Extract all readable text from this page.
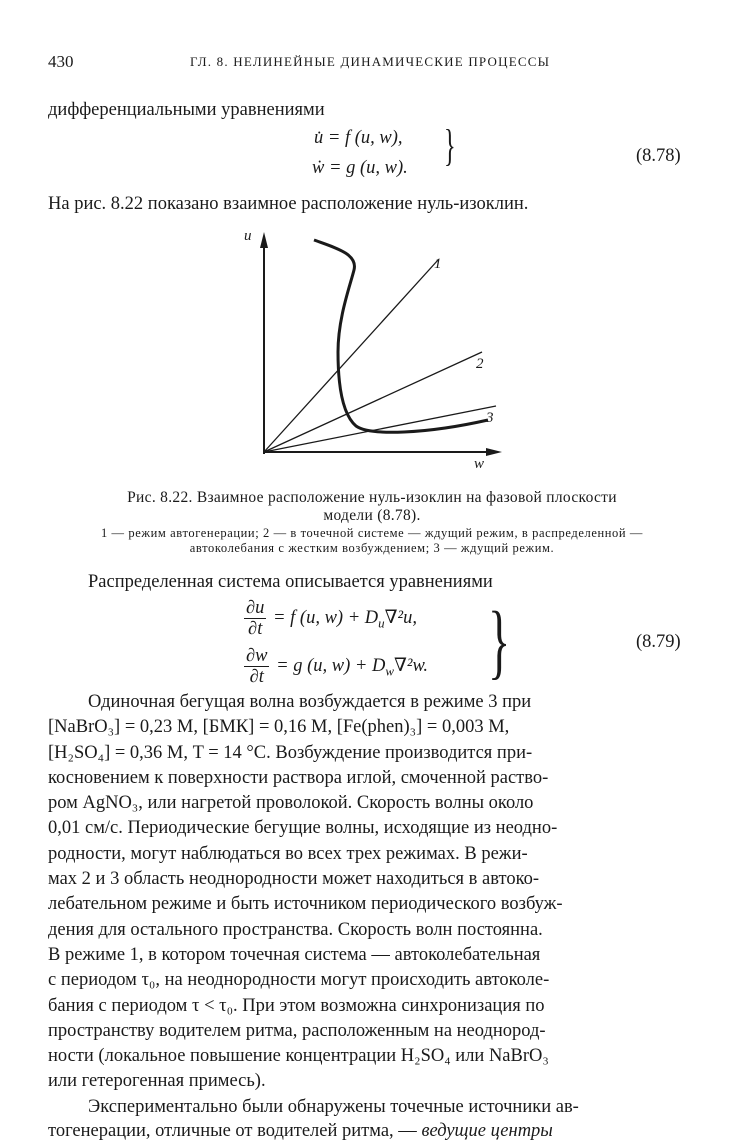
430	ГЛ. 8. НЕЛИНЕЙНЫЕ ДИНАМИЧЕСКИЕ ПРОЦЕССЫ

дифференциальными уравнениями

u̇ = f (u, w),
ẇ = g (u, w). }	(8.78)

На рис. 8.22 показано взаимное расположение нуль-изоклин.

u
w
1
2
3
Рис. 8.22. Взаимное расположение нуль-изоклин на фазовой плоскости
модели (8.78).
1 — режим автогенерации; 2 — в точечной системе — ждущий режим, в распределенной —
автоколебания с жестким возбуждением; 3 — ждущий режим.

Распределенная система описывается уравнениями

$\frac{\partial u}{\partial t} = f$ (u, $w) + D_u\nabla^2u$,
$\frac{\partial w}{\partial t} = g$ (u, $w) + D_w\nabla^2w$. }	(8.79)
Одиночная бегущая волна возбуждается в режиме 3 при
[NaBrO₃] = 0,23 М, [БМК] = 0,16 М, [Fe(phen)₃] = 0,003 М,
[H₂SO₄] = 0,36 М, T = 14 °C. Возбуждение производится при-
косновением к поверхности раствора иглой, смоченной раство-
ром AgNO₃, или нагретой проволокой. Скорость волны около
0,01 см/с. Периодические бегущие волны, исходящие из неодно-
родности, могут наблюдаться во всех трех режимах. В режи-
мах 2 и 3 область неоднородности может находиться в автоко-
лебательном режиме и быть источником периодического возбуж-
дения для остального пространства. Скорость волн постоянна.
В режиме 1, в котором точечная система — автоколебательная
с периодом τ₀, на неоднородности могут происходить автоколе-
бания с периодом τ < τ₀. При этом возможна синхронизация по
пространству водителем ритма, расположенным на неоднород-
ности (локальное повышение концентрации H₂SO₄ или NaBrO₃
или гетерогенная примесь).
Экспериментально были обнаружены точечные источники ав-
тогенерации, отличные от водителей ритма, — ведущие центры
